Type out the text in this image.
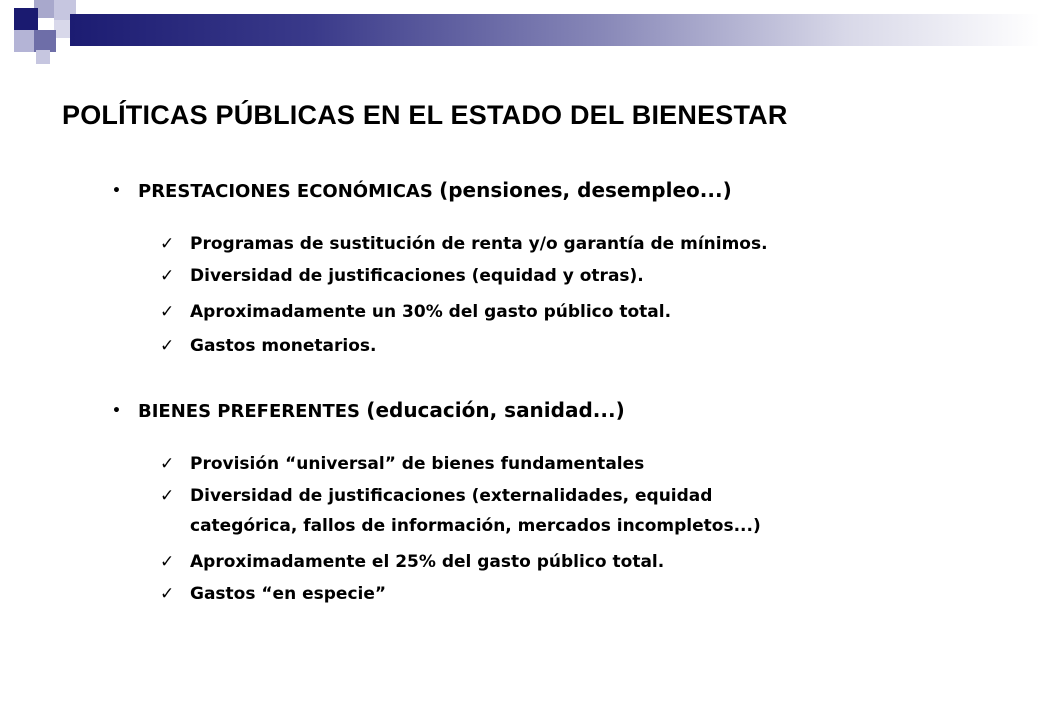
POLÍTICAS PÚBLICAS EN EL ESTADO DEL BIENESTAR
• PRESTACIONES ECONÓMICAS (pensiones, desempleo...)
✓ Programas de sustitución de renta y/o garantía de mínimos.
✓ Diversidad de justificaciones (equidad y otras).
✓ Aproximadamente un 30% del gasto público total.
✓ Gastos monetarios.
• BIENES PREFERENTES (educación, sanidad...)
✓ Provisión “universal” de bienes fundamentales
✓ Diversidad de justificaciones (externalidades, equidad
categórica, fallos de información, mercados incompletos...)
✓ Aproximadamente el 25% del gasto público total.
✓ Gastos “en especie”
